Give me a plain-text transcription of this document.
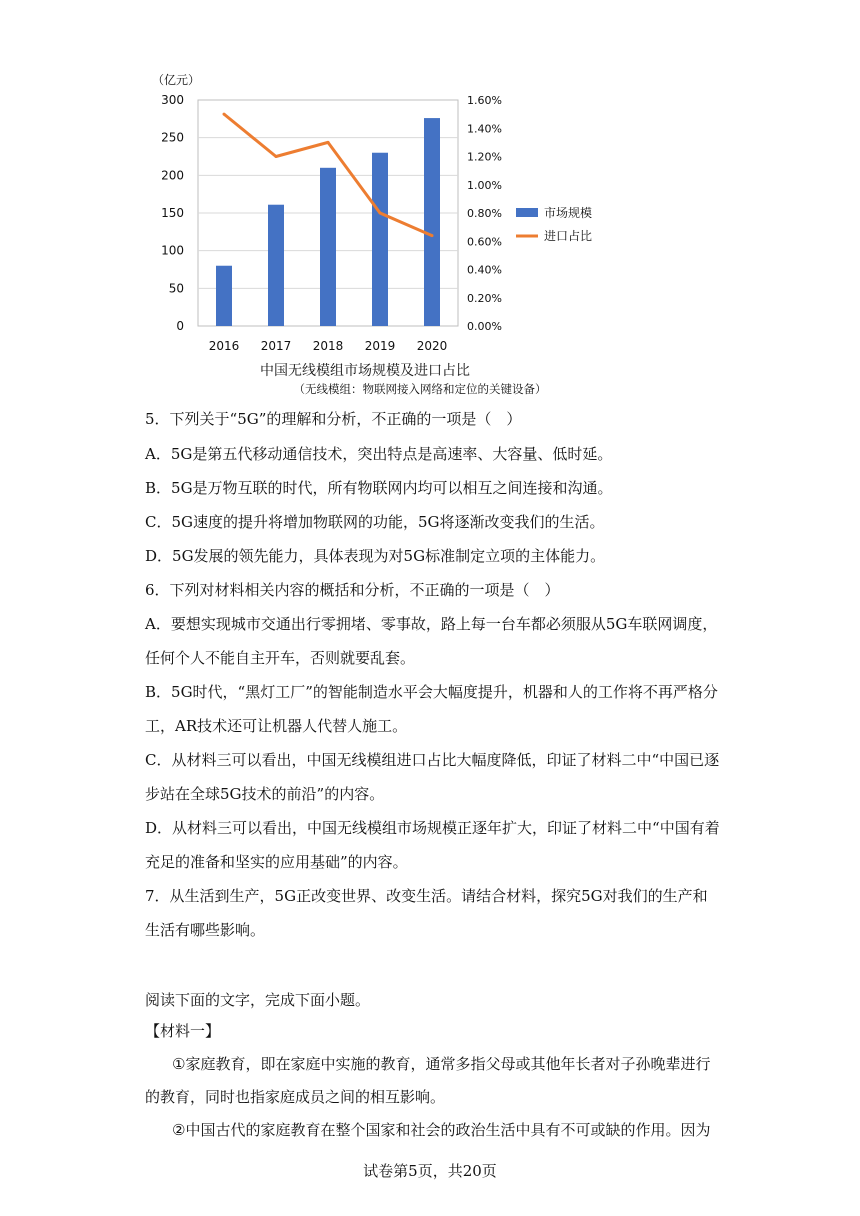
300
250
200
150
100
50
0
1.60%
1.40%
1.20%
1.00%
0.80%
0.60%
0.40%
0.20%
0.00%
（亿元）
2016 2017 2018 2019 2020
市场规模
进口占比
中国无线模组市场规模及进口占比
（无线模组：物联网接入网络和定位的关键设备）
5．下列关于“5G”的理解和分析，不正确的一项是（　）
A．5G是第五代移动通信技术，突出特点是高速率、大容量、低时延。
B．5G是万物互联的时代，所有物联网内均可以相互之间连接和沟通。
C．5G速度的提升将增加物联网的功能，5G将逐渐改变我们的生活。
D．5G发展的领先能力，具体表现为对5G标准制定立项的主体能力。
6．下列对材料相关内容的概括和分析，不正确的一项是（　）
A．要想实现城市交通出行零拥堵、零事故，路上每一台车都必须服从5G车联网调度，
任何个人不能自主开车，否则就要乱套。
B．5G时代，“黑灯工厂”的智能制造水平会大幅度提升，机器和人的工作将不再严格分
工，AR技术还可让机器人代替人施工。
C．从材料三可以看出，中国无线模组进口占比大幅度降低，印证了材料二中“中国已逐
步站在全球5G技术的前沿”的内容。
D．从材料三可以看出，中国无线模组市场规模正逐年扩大，印证了材料二中“中国有着
充足的准备和坚实的应用基础”的内容。
7．从生活到生产，5G正改变世界、改变生活。请结合材料，探究5G对我们的生产和
生活有哪些影响。
阅读下面的文字，完成下面小题。
【材料一】
①家庭教育，即在家庭中实施的教育，通常多指父母或其他年长者对子孙晚辈进行
的教育，同时也指家庭成员之间的相互影响。
②中国古代的家庭教育在整个国家和社会的政治生活中具有不可或缺的作用。因为
试卷第5页，共20页
